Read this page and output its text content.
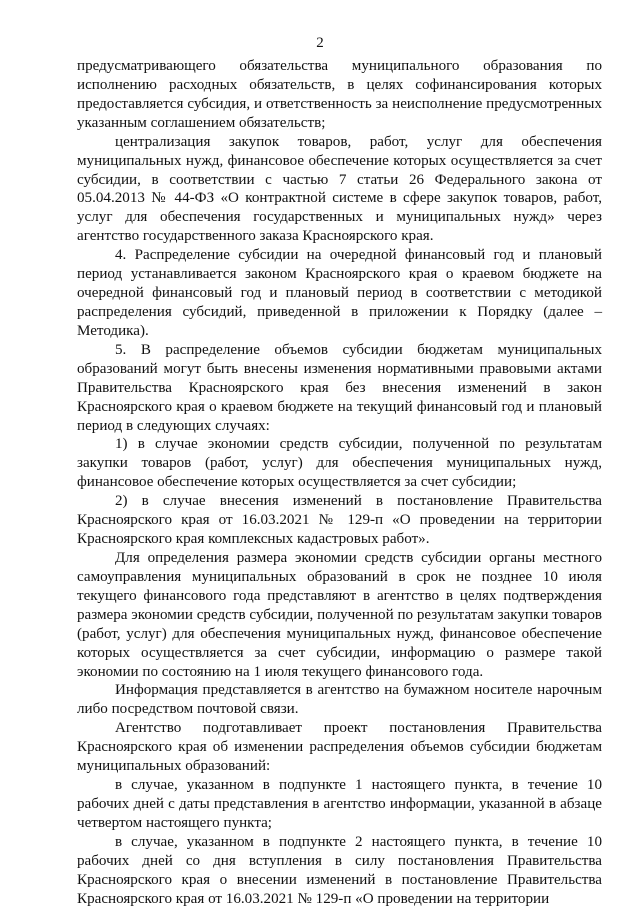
2

предусматривающего обязательства муниципального образования по исполнению расходных обязательств, в целях софинансирования которых предоставляется субсидия, и ответственность за неисполнение предусмотренных указанным соглашением обязательств;

централизация закупок товаров, работ, услуг для обеспечения муниципальных нужд, финансовое обеспечение которых осуществляется за счет субсидии, в соответствии с частью 7 статьи 26 Федерального закона от 05.04.2013 № 44-ФЗ «О контрактной системе в сфере закупок товаров, работ, услуг для обеспечения государственных и муниципальных нужд» через агентство государственного заказа Красноярского края.

4. Распределение субсидии на очередной финансовый год и плановый период устанавливается законом Красноярского края о краевом бюджете на очередной финансовый год и плановый период в соответствии с методикой распределения субсидий, приведенной в приложении к Порядку (далее – Методика).

5. В распределение объемов субсидии бюджетам муниципальных образований могут быть внесены изменения нормативными правовыми актами Правительства Красноярского края без внесения изменений в закон Красноярского края о краевом бюджете на текущий финансовый год и плановый период в следующих случаях:

1) в случае экономии средств субсидии, полученной по результатам закупки товаров (работ, услуг) для обеспечения муниципальных нужд, финансовое обеспечение которых осуществляется за счет субсидии;

2) в случае внесения изменений в постановление Правительства Красноярского края от 16.03.2021 № 129-п «О проведении на территории Красноярского края комплексных кадастровых работ».

Для определения размера экономии средств субсидии органы местного самоуправления муниципальных образований в срок не позднее 10 июля текущего финансового года представляют в агентство в целях подтверждения размера экономии средств субсидии, полученной по результатам закупки товаров (работ, услуг) для обеспечения муниципальных нужд, финансовое обеспечение которых осуществляется за счет субсидии, информацию о размере такой экономии по состоянию на 1 июля текущего финансового года.

Информация представляется в агентство на бумажном носителе нарочным либо посредством почтовой связи.

Агентство подготавливает проект постановления Правительства Красноярского края об изменении распределения объемов субсидии бюджетам муниципальных образований:

в случае, указанном в подпункте 1 настоящего пункта, в течение 10 рабочих дней с даты представления в агентство информации, указанной в абзаце четвертом настоящего пункта;

в случае, указанном в подпункте 2 настоящего пункта, в течение 10 рабочих дней со дня вступления в силу постановления Правительства Красноярского края о внесении изменений в постановление Правительства Красноярского края от 16.03.2021 № 129-п «О проведении на территории
